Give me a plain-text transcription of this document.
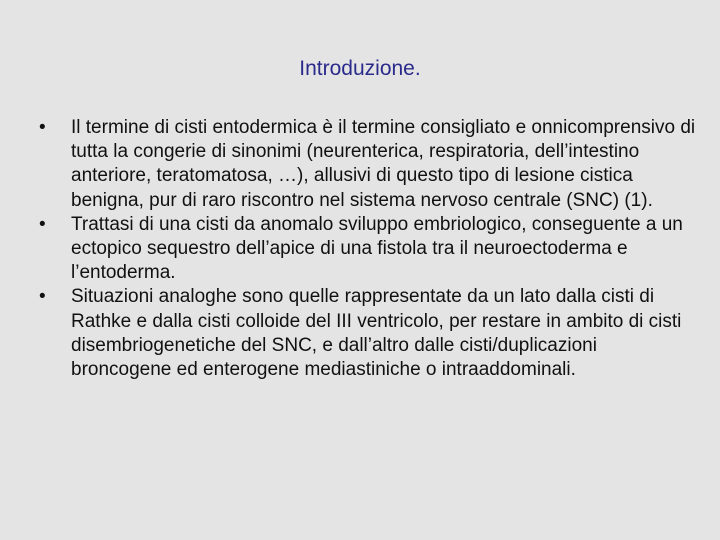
Introduzione.
• Il termine di cisti entodermica è il termine consigliato e onnicomprensivo di tutta la congerie di sinonimi (neurenterica, respiratoria, dell’intestino anteriore, teratomatosa, …), allusivi di questo tipo di lesione cistica benigna, pur di raro riscontro nel sistema nervoso centrale (SNC) (1).
• Trattasi di una cisti da anomalo sviluppo embriologico, conseguente a un ectopico sequestro dell’apice di una fistola tra il neuroectoderma e l’entoderma.
• Situazioni analoghe sono quelle rappresentate da un lato dalla cisti di Rathke e dalla cisti colloide del III ventricolo, per restare in ambito di cisti disembriogenetiche del SNC, e dall’altro dalle cisti/duplicazioni broncogene ed enterogene mediastiniche o intraaddominali.
